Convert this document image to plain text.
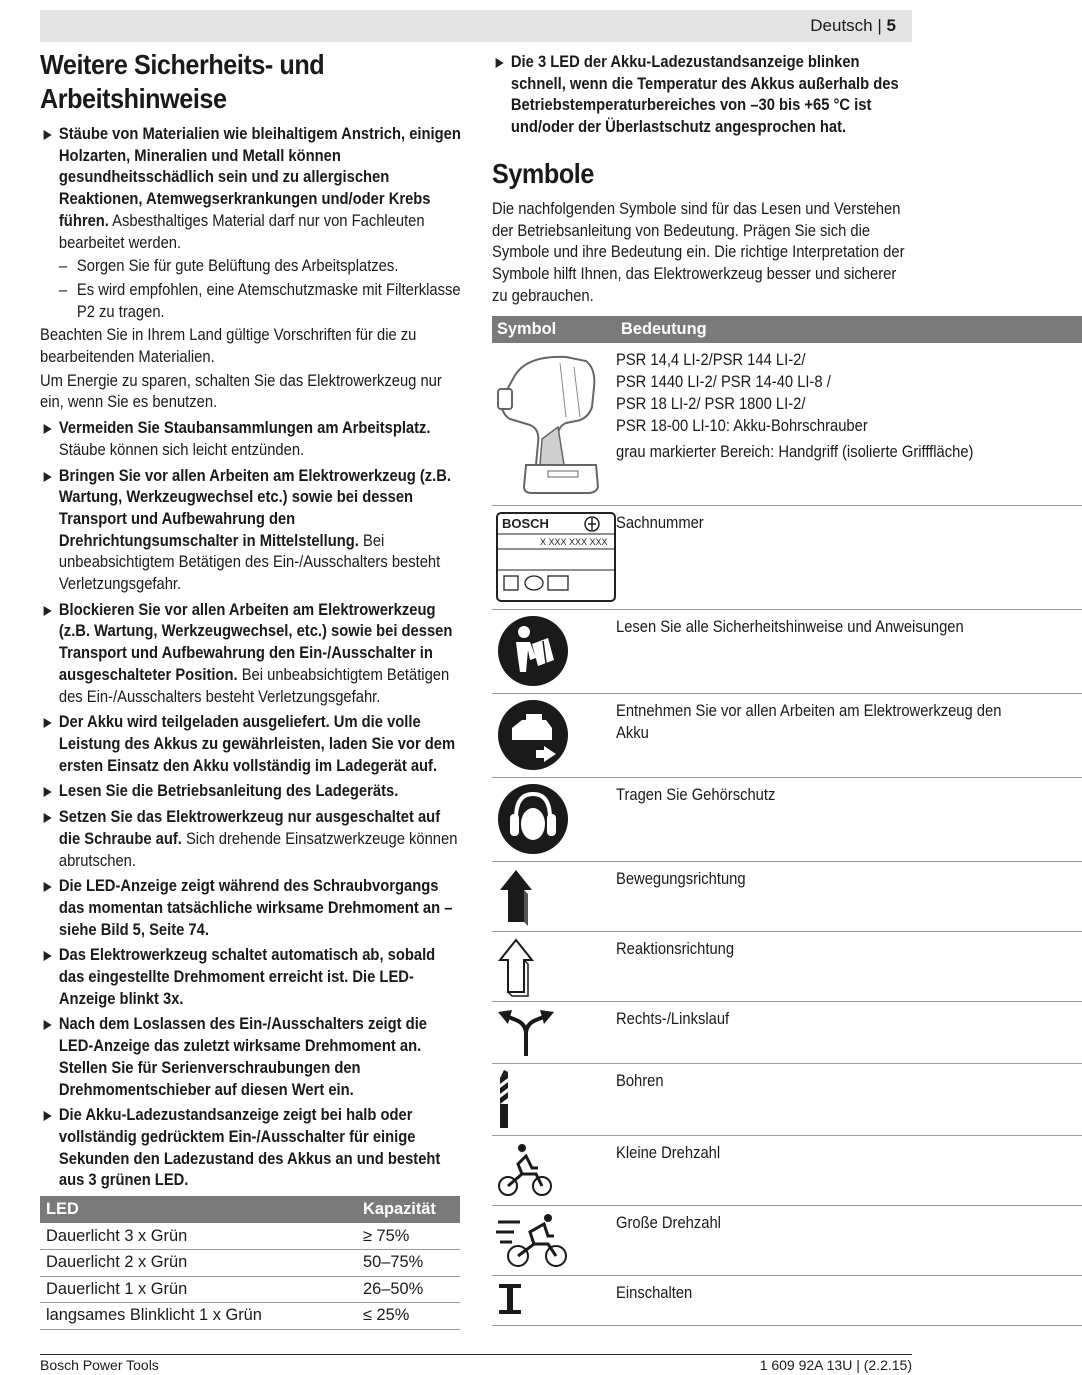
Deutsch | 5
Weitere Sicherheits- und
Arbeitshinweise
Stäube von Materialien wie bleihaltigem Anstrich, einigen Holzarten, Mineralien und Metall können gesundheitsschädlich sein und zu allergischen Reaktionen, Atemwegserkrankungen und/oder Krebs führen. Asbesthaltiges Material darf nur von Fachleuten bearbeitet werden.
– Sorgen Sie für gute Belüftung des Arbeitsplatzes.
– Es wird empfohlen, eine Atemschutzmaske mit Filterklasse P2 zu tragen.
Beachten Sie in Ihrem Land gültige Vorschriften für die zu bearbeitenden Materialien.
Um Energie zu sparen, schalten Sie das Elektrowerkzeug nur ein, wenn Sie es benutzen.
Vermeiden Sie Staubansammlungen am Arbeitsplatz. Stäube können sich leicht entzünden.
Bringen Sie vor allen Arbeiten am Elektrowerkzeug (z.B. Wartung, Werkzeugwechsel etc.) sowie bei dessen Transport und Aufbewahrung den Drehrichtungsumschalter in Mittelstellung. Bei unbeabsichtigtem Betätigen des Ein-/Ausschalters besteht Verletzungsgefahr.
Blockieren Sie vor allen Arbeiten am Elektrowerkzeug (z.B. Wartung, Werkzeugwechsel, etc.) sowie bei dessen Transport und Aufbewahrung den Ein-/Ausschalter in ausgeschalteter Position. Bei unbeabsichtigtem Betätigen des Ein-/Ausschalters besteht Verletzungsgefahr.
Der Akku wird teilgeladen ausgeliefert. Um die volle Leistung des Akkus zu gewährleisten, laden Sie vor dem ersten Einsatz den Akku vollständig im Ladegerät auf.
Lesen Sie die Betriebsanleitung des Ladegeräts.
Setzen Sie das Elektrowerkzeug nur ausgeschaltet auf die Schraube auf. Sich drehende Einsatzwerkzeuge können abrutschen.
Die LED-Anzeige zeigt während des Schraubvorgangs das momentan tatsächliche wirksame Drehmoment an – siehe Bild 5, Seite 74.
Das Elektrowerkzeug schaltet automatisch ab, sobald das eingestellte Drehmoment erreicht ist. Die LED-Anzeige blinkt 3x.
Nach dem Loslassen des Ein-/Ausschalters zeigt die LED-Anzeige das zuletzt wirksame Drehmoment an. Stellen Sie für Serienverschraubungen den Drehmomentschieber auf diesen Wert ein.
Die Akku-Ladezustandsanzeige zeigt bei halb oder vollständig gedrücktem Ein-/Ausschalter für einige Sekunden den Ladezustand des Akkus an und besteht aus 3 grünen LED.
LED	Kapazität
Dauerlicht 3 x Grün	≥ 75%
Dauerlicht 2 x Grün	50–75%
Dauerlicht 1 x Grün	26–50%
langsames Blinklicht 1 x Grün	≤ 25%
Die 3 LED der Akku-Ladezustandsanzeige blinken schnell, wenn die Temperatur des Akkus außerhalb des Betriebstemperaturbereiches von –30 bis +65 °C ist und/oder der Überlastschutz angesprochen hat.
Symbole
Die nachfolgenden Symbole sind für das Lesen und Verstehen der Betriebsanleitung von Bedeutung. Prägen Sie sich die Symbole und ihre Bedeutung ein. Die richtige Interpretation der Symbole hilft Ihnen, das Elektrowerkzeug besser und sicherer zu gebrauchen.
Symbol	Bedeutung

PSR 14,4 LI-2/PSR 144 LI-2/
PSR 1440 LI-2/ PSR 14-40 LI-8 /
PSR 18 LI-2/ PSR 1800 LI-2/
PSR 18-00 LI-10: Akku-Bohrschrauber
grau markierter Bereich: Handgriff (isolierte Grifffläche)

BOSCH
X XXX XXX XXX	Sachnummer

Lesen Sie alle Sicherheitshinweise und Anweisungen

Entnehmen Sie vor allen Arbeiten am Elektrowerkzeug den Akku

Tragen Sie Gehörschutz

Bewegungsrichtung

Reaktionsrichtung

Rechts-/Linkslauf

Bohren

Kleine Drehzahl

Große Drehzahl

Einschalten
Bosch Power Tools	1 609 92A 13U | (2.2.15)
